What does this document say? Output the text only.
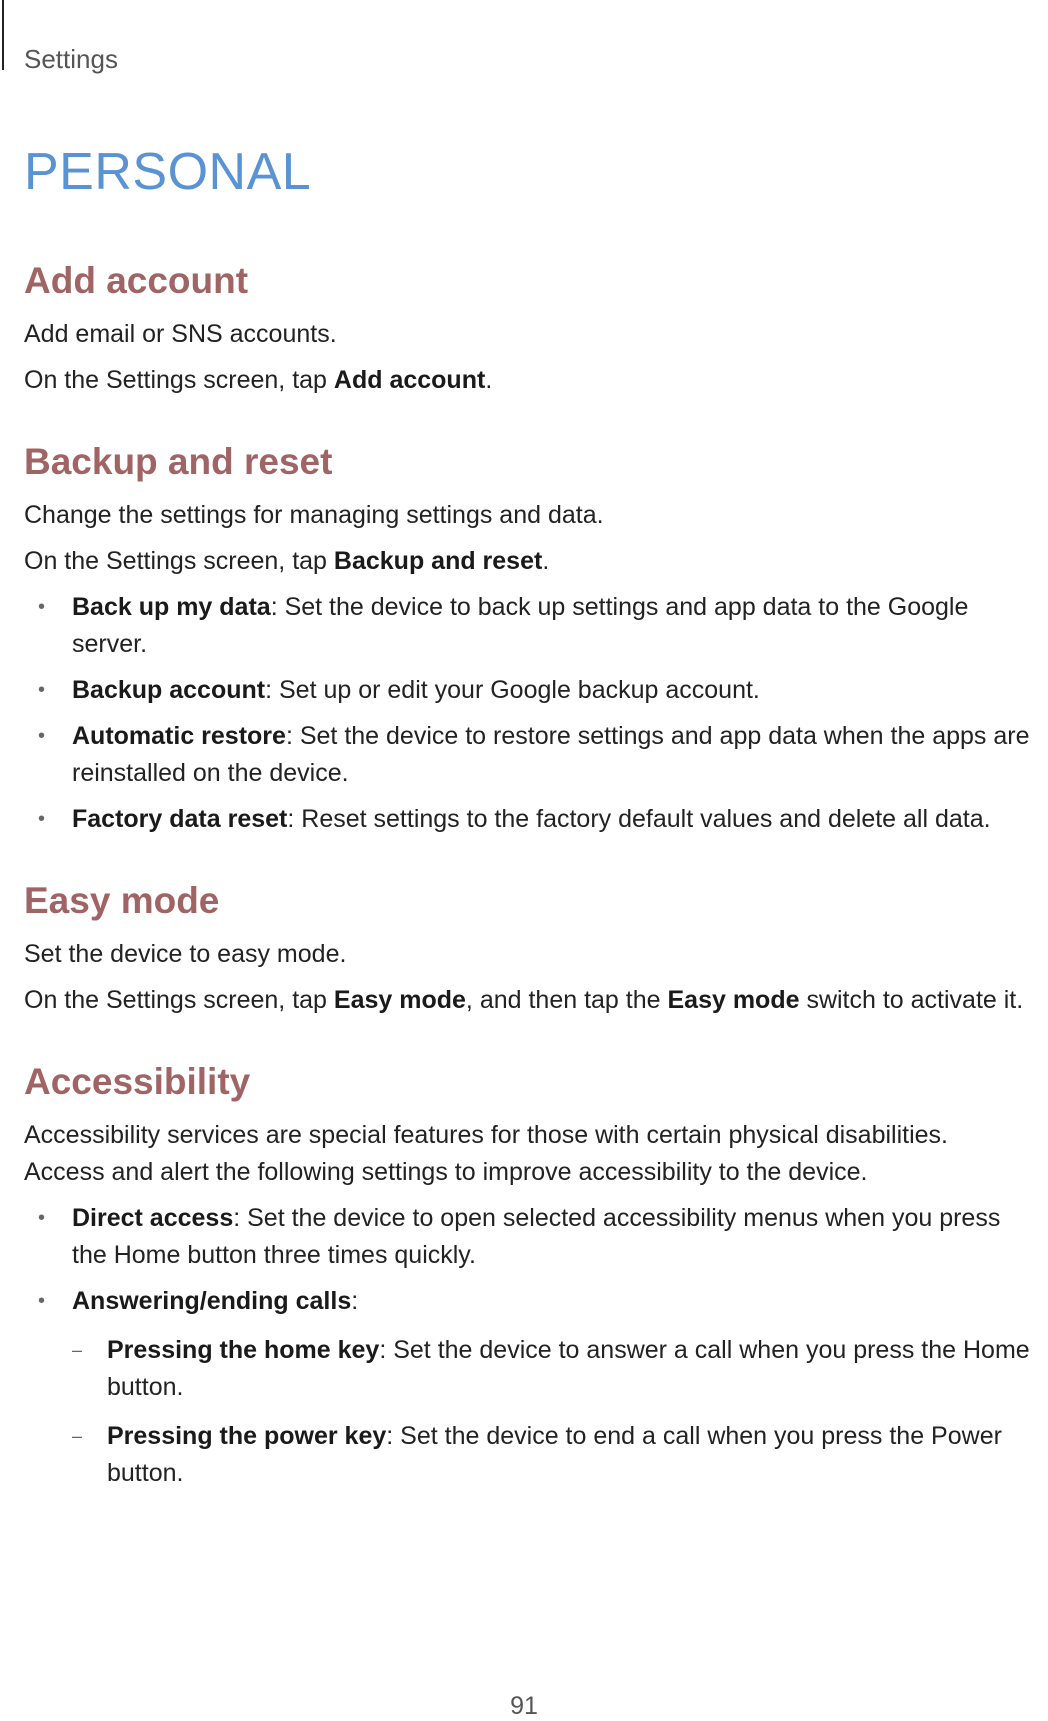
Settings

PERSONAL
Add account

Add email or SNS accounts.

On the Settings screen, tap Add account.

Backup and reset

Change the settings for managing settings and data.

On the Settings screen, tap Backup and reset.

• Back up my data: Set the device to back up settings and app data to the Google server.
• Backup account: Set up or edit your Google backup account.
• Automatic restore: Set the device to restore settings and app data when the apps are reinstalled on the device.
• Factory data reset: Reset settings to the factory default values and delete all data.
Easy mode

Set the device to easy mode.

On the Settings screen, tap Easy mode, and then tap the Easy mode switch to activate it.

Accessibility

Accessibility services are special features for those with certain physical disabilities. Access and alert the following settings to improve accessibility to the device.

• Direct access: Set the device to open selected accessibility menus when you press the Home button three times quickly.
• Answering/ending calls:
– Pressing the home key: Set the device to answer a call when you press the Home button.
– Pressing the power key: Set the device to end a call when you press the Power button.

91
